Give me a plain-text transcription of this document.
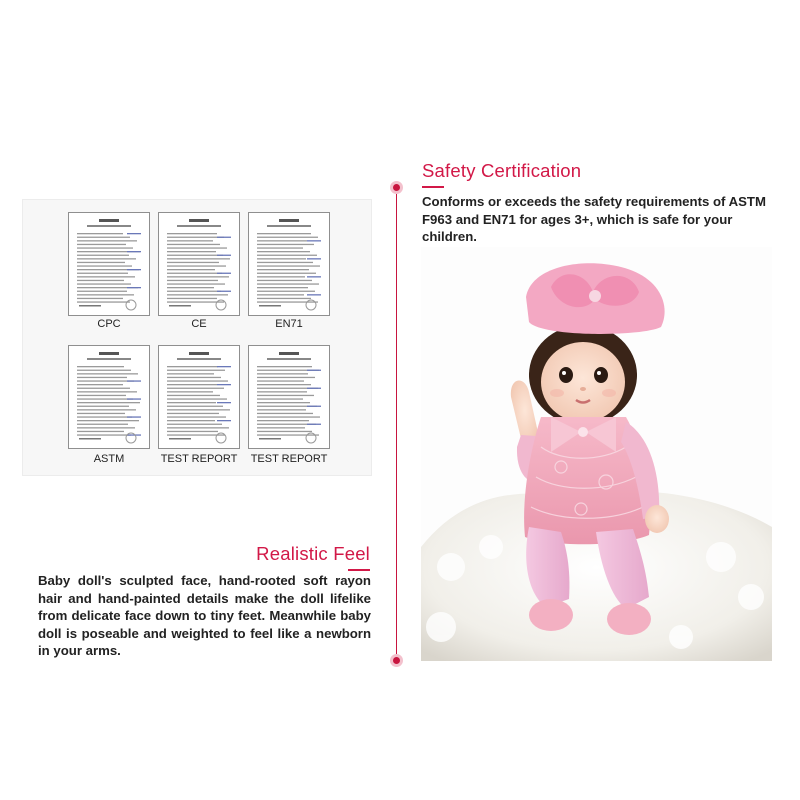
Safety Certification

Conforms or exceeds the safety requirements of ASTM F963 and EN71 for ages 3+, which is safe for your children.

Realistic Feel

Baby doll's sculpted face, hand-rooted soft rayon hair and hand-painted details make the doll lifelike from delicate face down to tiny feet. Meanwhile baby doll is poseable and weighted to feel like a newborn in your arms.

CPC	CE	EN71
ASTM	TEST REPORT	TEST REPORT
